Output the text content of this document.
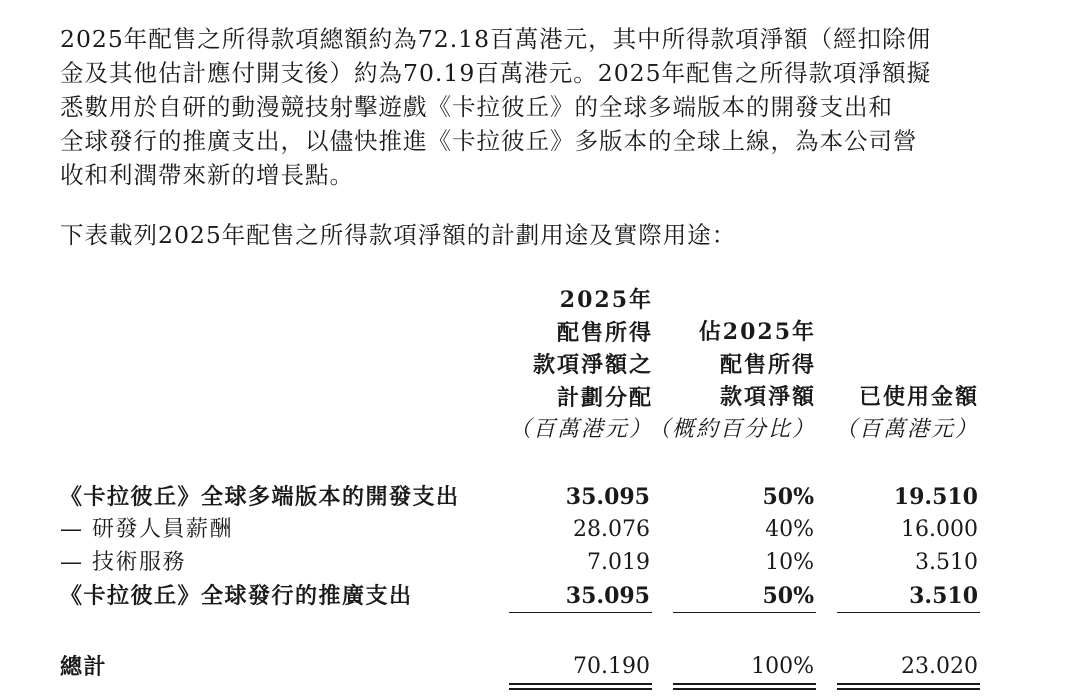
2025年配售之所得款項總額約為72.18百萬港元，其中所得款項淨額（經扣除佣
金及其他估計應付開支後）約為70.19百萬港元。2025年配售之所得款項淨額擬
悉數用於自研的動漫競技射擊遊戲《卡拉彼丘》的全球多端版本的開發支出和
全球發行的推廣支出，以儘快推進《卡拉彼丘》多版本的全球上線，為本公司營
收和利潤帶來新的增長點。
下表載列2025年配售之所得款項淨額的計劃用途及實際用途：
2025年
配售所得
款項淨額之
計劃分配
（百萬港元）
佔2025年
配售所得
款項淨額
（概約百分比）
已使用金額
（百萬港元）
《卡拉彼丘》全球多端版本的開發支出	35.095	50%	19.510
— 研發人員薪酬	28.076	40%	16.000
— 技術服務	7.019	10%	3.510
《卡拉彼丘》全球發行的推廣支出	35.095	50%	3.510
總計	70.190	100%	23.020
